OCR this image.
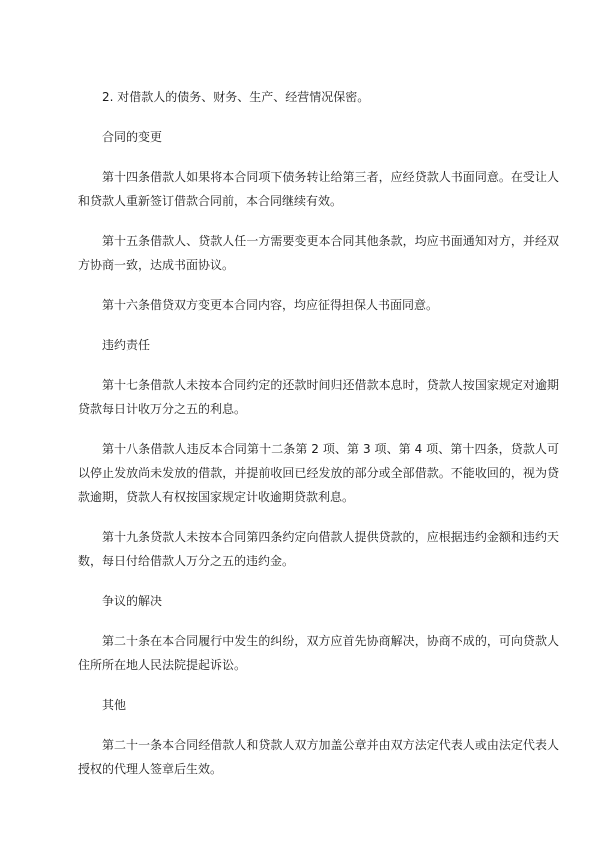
2. 对借款人的债务、财务、生产、经营情况保密。

合同的变更

第十四条借款人如果将本合同项下债务转让给第三者，应经贷款人书面同意。在受让人和贷款人重新签订借款合同前，本合同继续有效。

第十五条借款人、贷款人任一方需要变更本合同其他条款，均应书面通知对方，并经双方协商一致，达成书面协议。

第十六条借贷双方变更本合同内容，均应征得担保人书面同意。

违约责任

第十七条借款人未按本合同约定的还款时间归还借款本息时，贷款人按国家规定对逾期贷款每日计收万分之五的利息。

第十八条借款人违反本合同第十二条第 2 项、第 3 项、第 4 项、第十四条，贷款人可以停止发放尚未发放的借款，并提前收回已经发放的部分或全部借款。不能收回的，视为贷款逾期，贷款人有权按国家规定计收逾期贷款利息。

第十九条贷款人未按本合同第四条约定向借款人提供贷款的，应根据违约金额和违约天数，每日付给借款人万分之五的违约金。

争议的解决

第二十条在本合同履行中发生的纠纷，双方应首先协商解决，协商不成的，可向贷款人住所所在地人民法院提起诉讼。

其他

第二十一条本合同经借款人和贷款人双方加盖公章并由双方法定代表人或由法定代表人授权的代理人签章后生效。
